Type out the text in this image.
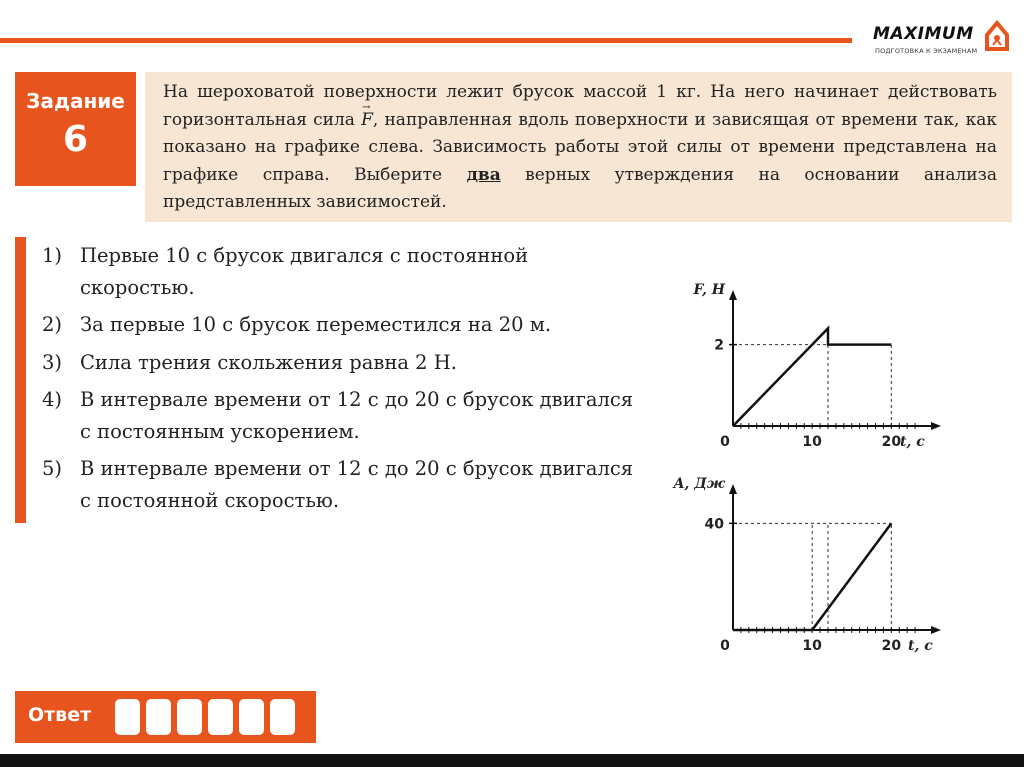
MAXIMUM
ПОДГОТОВКА К ЭКЗАМЕНАМ
Задание
6

На шероховатой поверхности лежит брусок массой 1 кг. На него начинает действовать горизонтальная сила → F, направленная вдоль поверхности и зависящая от времени так, как показано на графике слева. Зависимость работы этой силы от времени представлена на графике справа. Выберите два верных утверждения на основании анализа представленных зависимостей.

1) Первые 10 с брусок двигался с постоянной скоростью.
2) За первые 10 с брусок переместился на 20 м.
3) Сила трения скольжения равна 2 Н.
4) В интервале времени от 12 с до 20 с брусок двигался с постоянным ускорением.
5) В интервале времени от 12 с до 20 с брусок двигался с постоянной скоростью.
2
10	20
0
F, Н
t, с
40
10	20
0
A, Дж
t, с
Ответ
